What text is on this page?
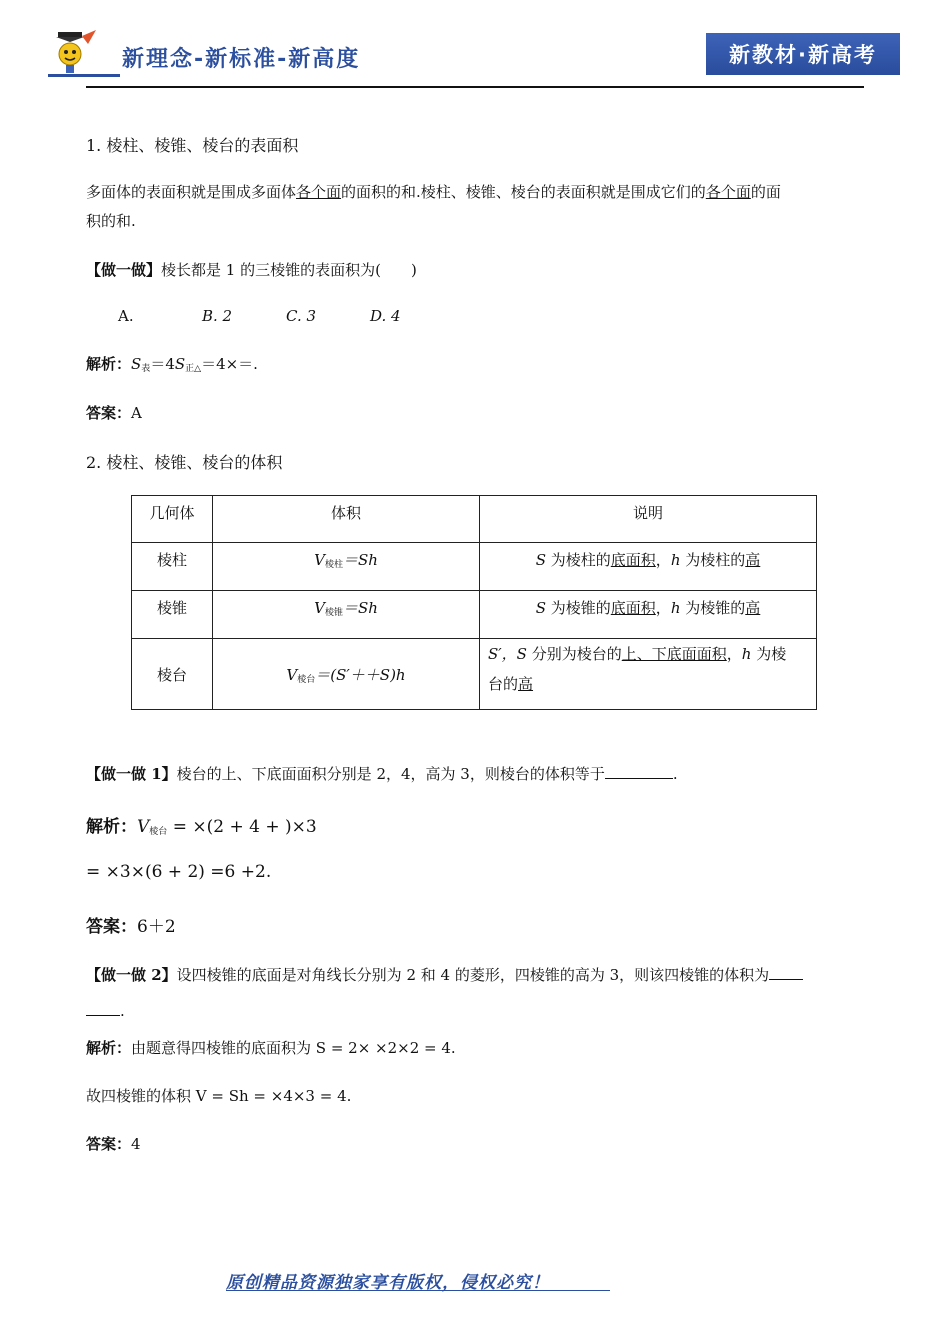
新理念-新标准-新高度	新教材·新高考
1. 棱柱、棱锥、棱台的表面积
多面体的表面积就是围成多面体各个面的面积的和.棱柱、棱锥、棱台的表面积就是围成它们的各个面的面
积的和.
【做一做】棱长都是 1 的三棱锥的表面积为(　　)
A.	B. 2	C. 3	D. 4
解析：S表＝4S正△＝4×＝.
答案：A
2. 棱柱、棱锥、棱台的体积
几何体	体积	说明
棱柱	V棱柱＝Sh	S 为棱柱的底面积，h 为棱柱的高
棱锥	V棱锥＝Sh	S 为棱锥的底面积，h 为棱锥的高
棱台	V棱台＝(S′＋＋S)h	S′，S 分别为棱台的上、下底面面积，h 为棱
台的高
【做一做 1】棱台的上、下底面面积分别是 2，4，高为 3，则棱台的体积等于	.
解析：V棱台 = ×(2 + 4 + )×3
= ×3×(6 + 2) =6 +2.
答案：6＋2
【做一做 2】设四棱锥的底面是对角线长分别为 2 和 4 的菱形，四棱锥的高为 3，则该四棱锥的体积为
.
解析：由题意得四棱锥的底面积为 S = 2× ×2×2 = 4.
故四棱锥的体积 V = Sh = ×4×3 = 4.
答案：4
原创精品资源独家享有版权，侵权必究！
